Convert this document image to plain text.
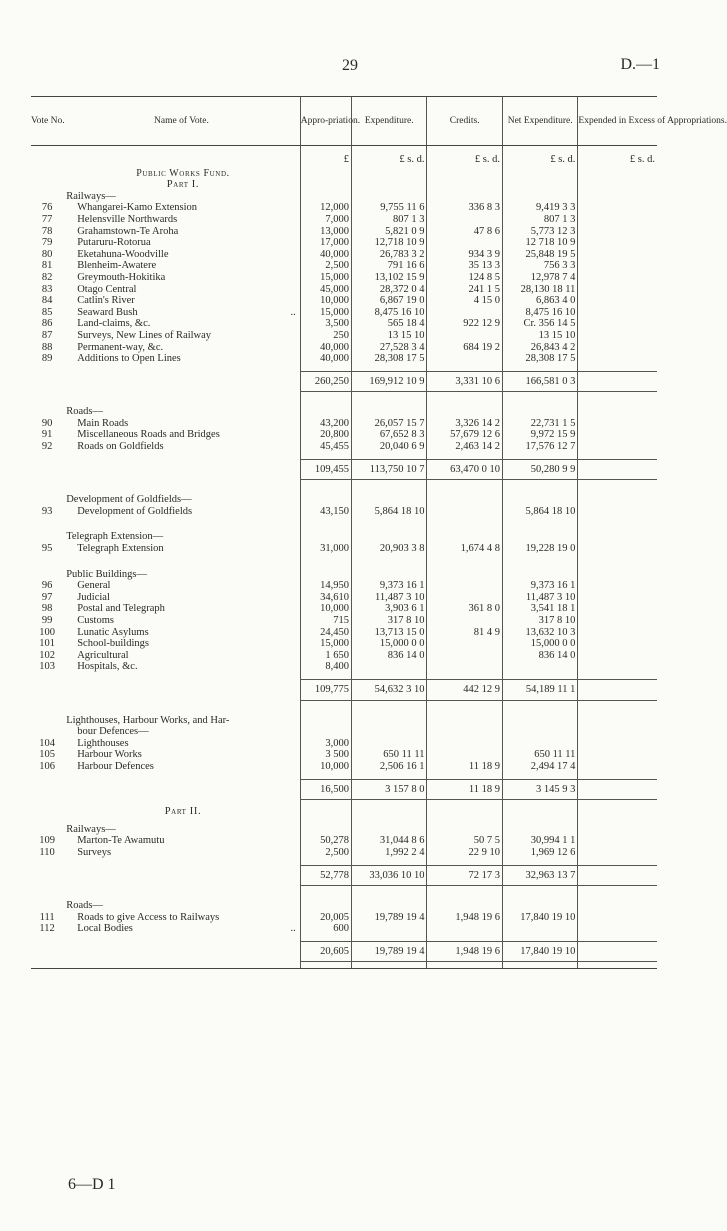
29	D.—1
Vote No.	Name of Vote.	Appro-priation.	Expenditure.	Credits.	Net Expenditure.	Expended in Excess of Appropriations.
		£	£ s. d.	£ s. d.	£ s. d.	£ s. d.
	Public Works Fund.					
	Part I.					
	Railways—					
76	Whangarei-Kamo Extension	12,000	9,755 11 6	336 8 3	9,419 3 3	
77	Helensville Northwards	7,000	807 1 3		807 1 3	
78	Grahamstown-Te Aroha	13,000	5,821 0 9	47 8 6	5,773 12 3	
79	Putaruru-Rotorua	17,000	12,718 10 9		12 718 10 9	
80	Eketahuna-Woodville	40,000	26,783 3 2	934 3 9	25,848 19 5	
81	Blenheim-Awatere	2,500	791 16 6	35 13 3	756 3 3	
82	Greymouth-Hokitika	15,000	13,102 15 9	124 8 5	12,978 7 4	
83	Otago Central	45,000	28,372 0 4	241 1 5	28,130 18 11	
84	Catlin's River	10,000	6,867 19 0	4 15 0	6,863 4 0	
85	Seaward Bush ..	15,000	8,475 16 10		8,475 16 10	
86	Land-claims, &c.	3,500	565 18 4	922 12 9	Cr. 356 14 5	
87	Surveys, New Lines of Railway	250	13 15 10		13 15 10	
88	Permanent-way, &c.	40,000	27,528 3 4	684 19 2	26,843 4 2	
89	Additions to Open Lines	40,000	28,308 17 5		28,308 17 5	

		260,250	169,912 10 9	3,331 10 6	166,581 0 3	

	Roads—					
90	Main Roads	43,200	26,057 15 7	3,326 14 2	22,731 1 5	
91	Miscellaneous Roads and Bridges	20,800	67,652 8 3	57,679 12 6	9,972 15 9	
92	Roads on Goldfields	45,455	20,040 6 9	2,463 14 2	17,576 12 7	

		109,455	113,750 10 7	63,470 0 10	50,280 9 9	

	Development of Goldfields—					
93	Development of Goldfields	43,150	5,864 18 10		5,864 18 10	

	Telegraph Extension—					
95	Telegraph Extension	31,000	20,903 3 8	1,674 4 8	19,228 19 0	

	Public Buildings—					
96	General	14,950	9,373 16 1		9,373 16 1	
97	Judicial	34,610	11,487 3 10		11,487 3 10	
98	Postal and Telegraph	10,000	3,903 6 1	361 8 0	3,541 18 1	
99	Customs	715	317 8 10		317 8 10	
100	Lunatic Asylums	24,450	13,713 15 0	81 4 9	13,632 10 3	
101	School-buildings	15,000	15,000 0 0		15,000 0 0	
102	Agricultural	1 650	836 14 0		836 14 0	
103	Hospitals, &c.	8,400				

		109,775	54,632 3 10	442 12 9	54,189 11 1	

	Lighthouses, Harbour Works, and Har-					
	bour Defences—					
104	Lighthouses	3,000				
105	Harbour Works	3 500	650 11 11		650 11 11	
106	Harbour Defences	10,000	2,506 16 1	11 18 9	2,494 17 4	

		16,500	3 157 8 0	11 18 9	3 145 9 3	

	Part II.					

	Railways—					
109	Marton-Te Awamutu	50,278	31,044 8 6	50 7 5	30,994 1 1	
110	Surveys	2,500	1,992 2 4	22 9 10	1,969 12 6	

		52,778	33,036 10 10	72 17 3	32,963 13 7	

	Roads—					
111	Roads to give Access to Railways	20,005	19,789 19 4	1,948 19 6	17,840 19 10	
112	Local Bodies ..	600				

		20,605	19,789 19 4	1,948 19 6	17,840 19 10	

6—D 1
